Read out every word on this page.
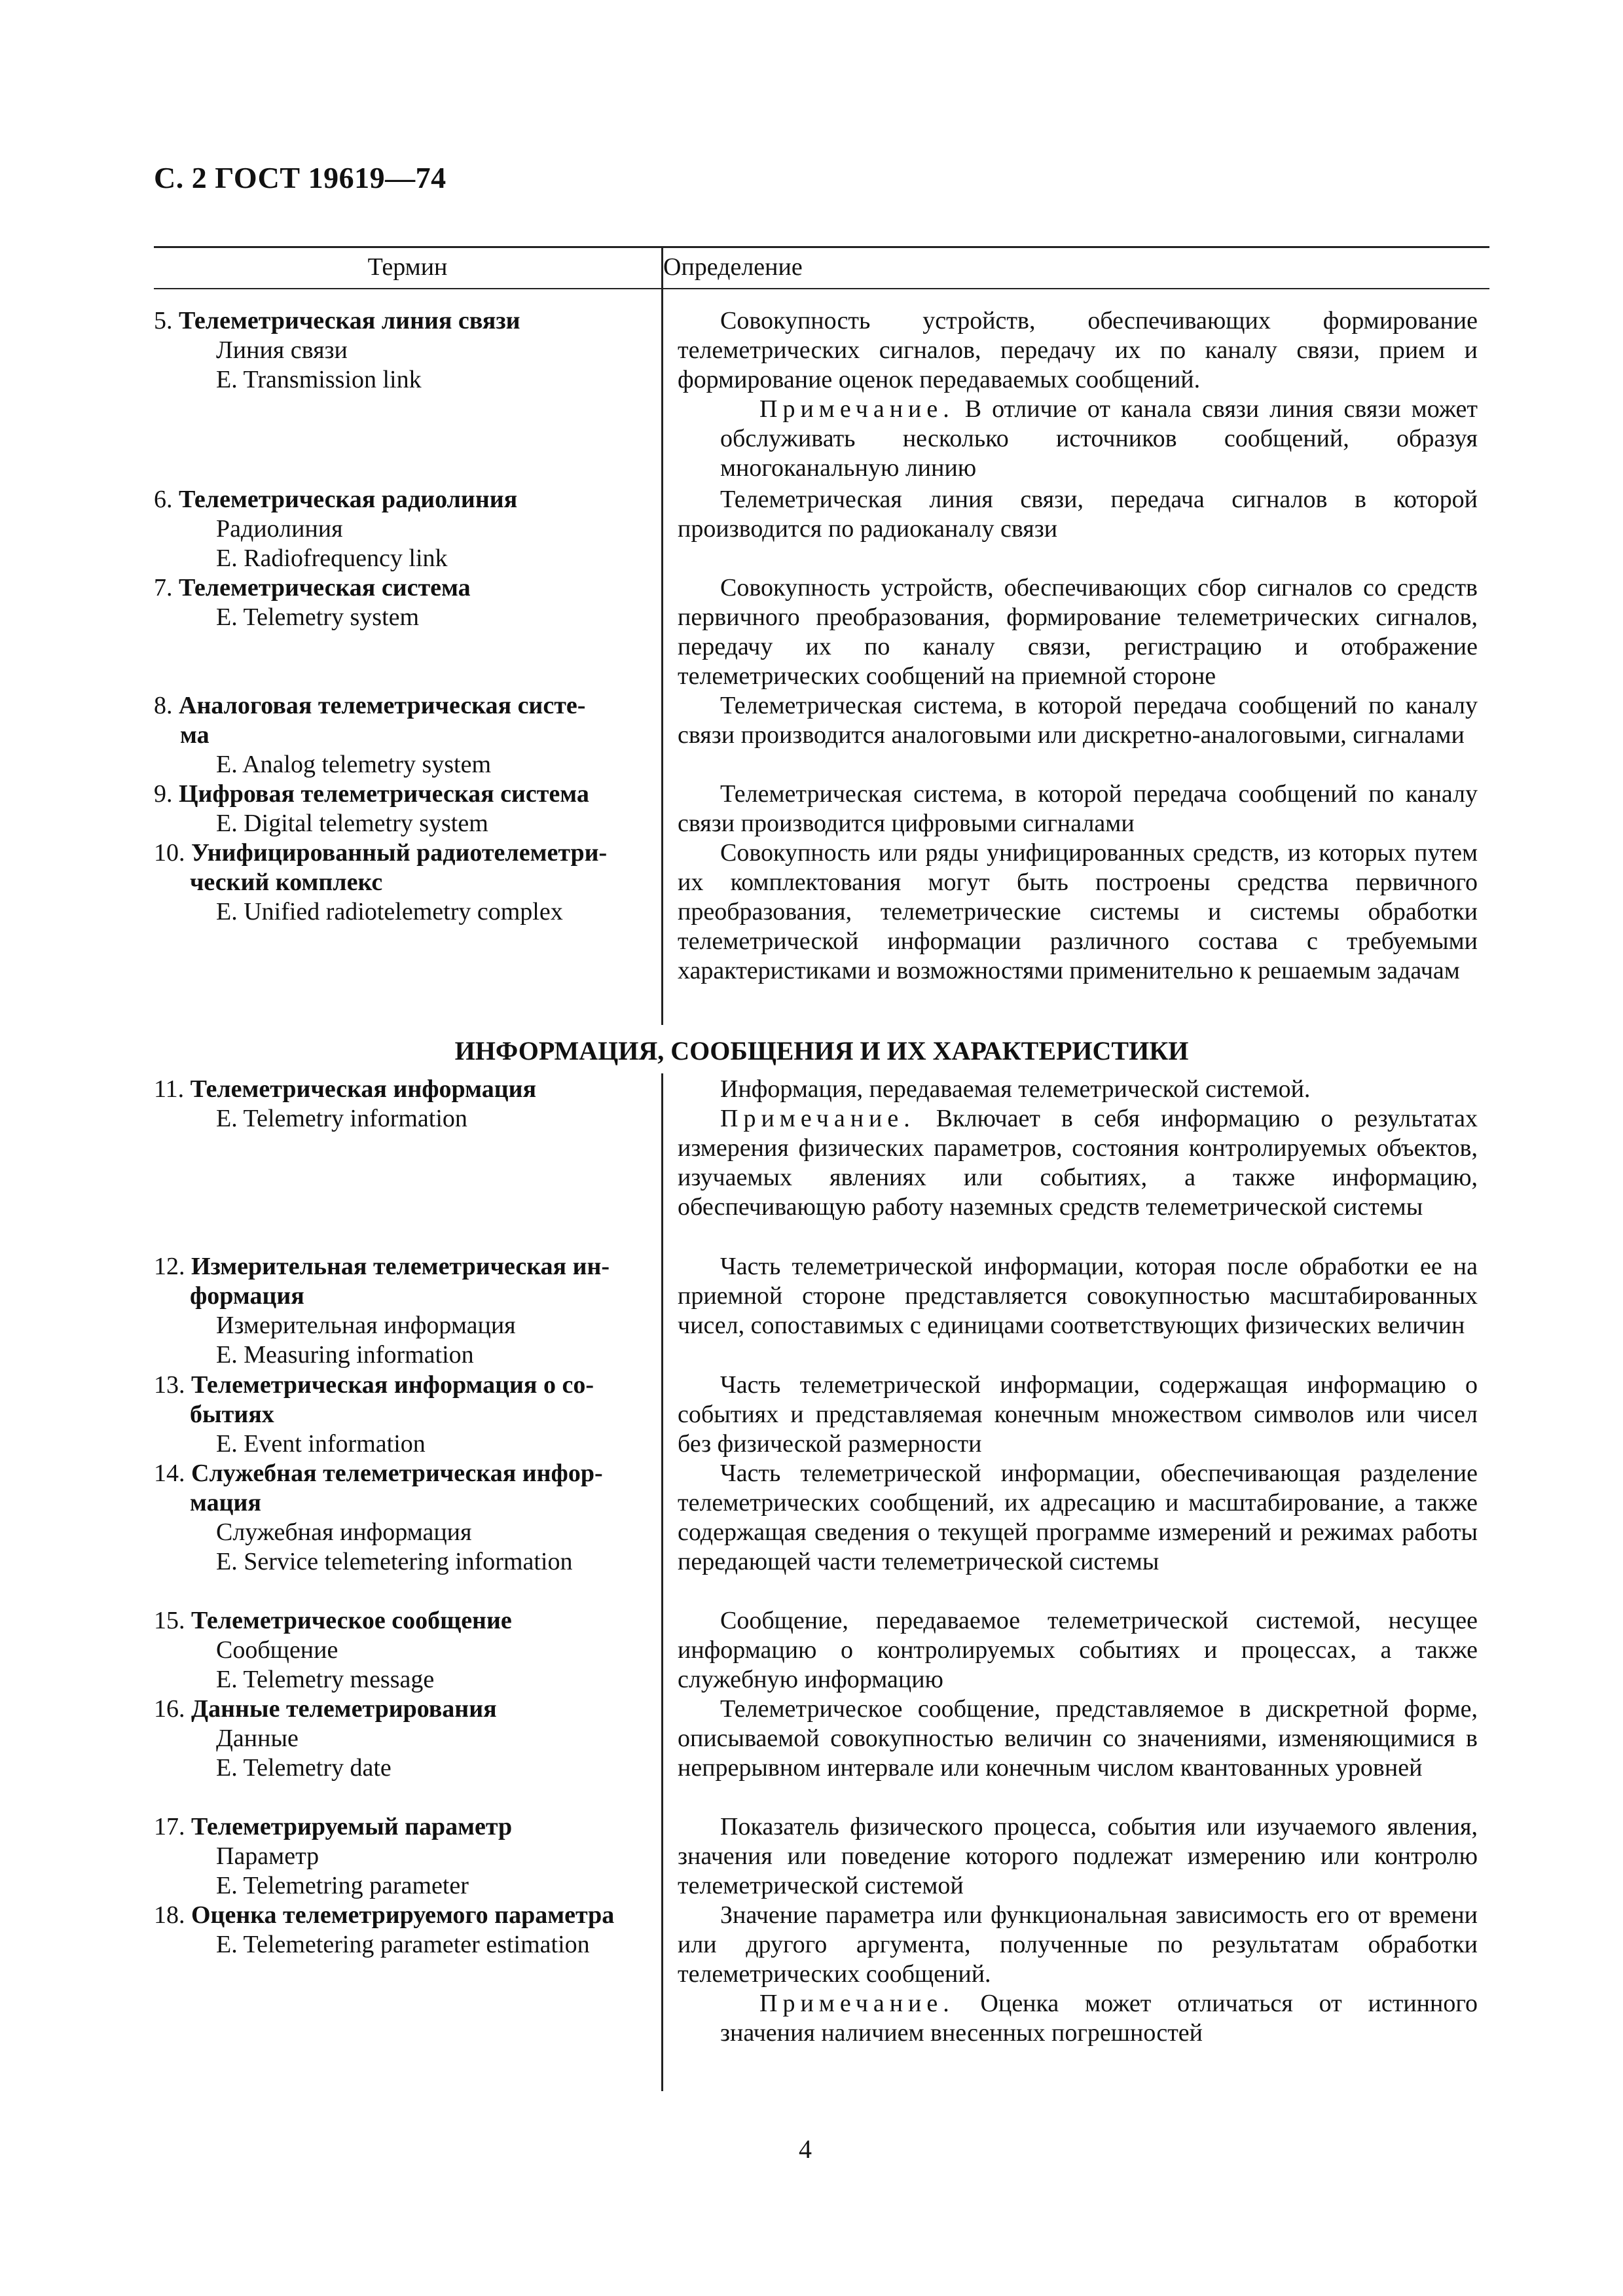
С. 2 ГОСТ 19619—74
Термин	Определение
ИНФОРМАЦИЯ, СООБЩЕНИЯ И ИХ ХАРАКТЕРИСТИКИ
5. Телеметрическая линия связи
Линия связи
E. Transmission link

Совокупность устройств, обеспечивающих формирование телеметрических сигналов, передачу их по каналу связи, прием и формирование оценок передаваемых сообщений.

Примечание. В отличие от канала связи линия связи может обслуживать несколько источников сообщений, образуя многоканальную линию

6. Телеметрическая радиолиния
Радиолиния
E. Radiofrequency link

Телеметрическая линия связи, передача сигналов в которой производится по радиоканалу связи

7. Телеметрическая система
E. Telemetry system

Совокупность устройств, обеспечивающих сбор сигналов со средств первичного преобразования, формирование телеметрических сигналов, передачу их по каналу связи, регистрацию и отображение телеметрических сообщений на приемной стороне

8. Аналоговая телеметрическая систе-
ма
E. Analog telemetry system

Телеметрическая система, в которой передача сообщений по каналу связи производится аналоговыми или дискретно-аналоговыми, сигналами

9. Цифровая телеметрическая система
E. Digital telemetry system

Телеметрическая система, в которой передача сообщений по каналу связи производится цифровыми сигналами

10. Унифицированный радиотелеметри-
ческий комплекс
E. Unified radiotelemetry complex

Совокупность или ряды унифицированных средств, из которых путем их комплектования могут быть построены средства первичного преобразования, телеметрические системы и системы обработки телеметрической информации различного состава с требуемыми характеристиками и возможностями применительно к решаемым задачам

11. Телеметрическая информация
E. Telemetry information

Информация, передаваемая телеметрической системой.

Примечание. Включает в себя информацию о результатах измерения физических параметров, состояния контролируемых объектов, изучаемых явлениях или событиях, а также информацию, обеспечивающую работу наземных средств телеметрической системы

12. Измерительная телеметрическая ин-
формация
Измерительная информация
E. Measuring information

Часть телеметрической информации, которая после обработки ее на приемной стороне представляется совокупностью масштабированных чисел, сопоставимых с единицами соответствующих физических величин

13. Телеметрическая информация о со-
бытиях
E. Event information

Часть телеметрической информации, содержащая информацию о событиях и представляемая конечным множеством символов или чисел без физической размерности

14. Служебная телеметрическая инфор-
мация
Служебная информация
E. Service telemetering information

Часть телеметрической информации, обеспечивающая разделение телеметрических сообщений, их адресацию и масштабирование, а также содержащая сведения о текущей программе измерений и режимах работы передающей части телеметрической системы

15. Телеметрическое сообщение
Сообщение
E. Telemetry message

Сообщение, передаваемое телеметрической системой, несущее информацию о контролируемых событиях и процессах, а также служебную информацию

16. Данные телеметрирования
Данные
E. Telemetry date

Телеметрическое сообщение, представляемое в дискретной форме, описываемой совокупностью величин со значениями, изменяющимися в непрерывном интервале или конечным числом квантованных уровней

17. Телеметрируемый параметр
Параметр
E. Telemetring parameter

Показатель физического процесса, события или изучаемого явления, значения или поведение которого подлежат измерению или контролю телеметрической системой

18. Оценка телеметрируемого параметра
E. Telemetering parameter estimation

Значение параметра или функциональная зависимость его от времени или другого аргумента, полученные по результатам обработки телеметрических сообщений.

Примечание. Оценка может отличаться от истинного значения наличием внесенных погрешностей

4
